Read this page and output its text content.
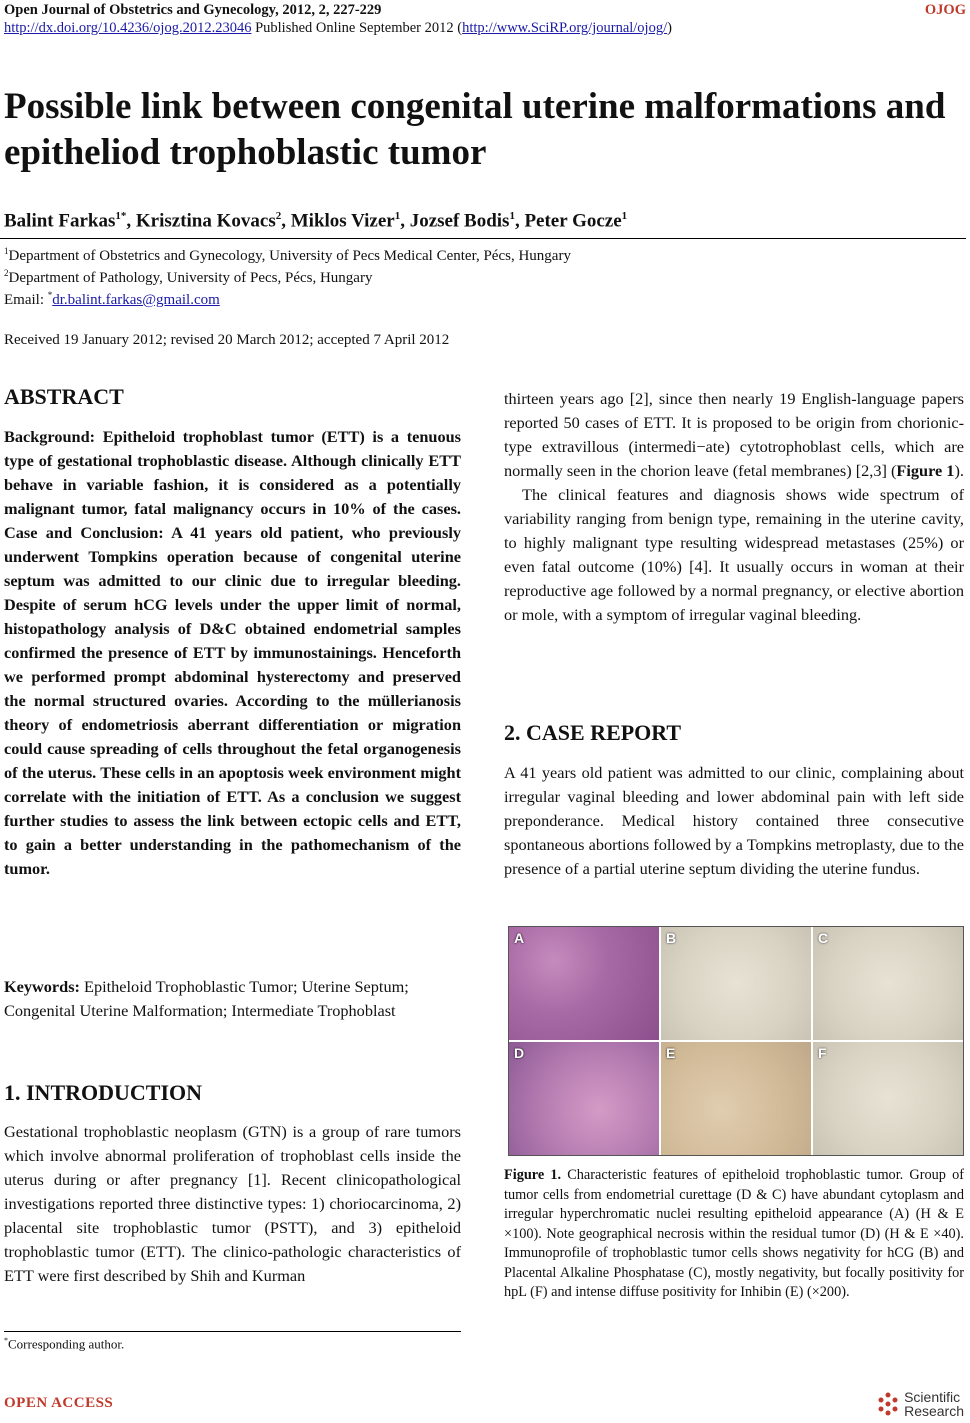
Open Journal of Obstetrics and Gynecology, 2012, 2, 227-229	OJOG
http://dx.doi.org/10.4236/ojog.2012.23046 Published Online September 2012 (http://www.SciRP.org/journal/ojog/)
Possible link between congenital uterine malformations and epitheliod trophoblastic tumor
Balint Farkas$^{1*}$, Krisztina Kovacs$^2$, Miklos Vizer$^1$, Jozsef Bodis$^1$, Peter Gocze$^1$
$^1$Department of Obstetrics and Gynecology, University of Pecs Medical Center, Pécs, Hungary
$^2$Department of Pathology, University of Pecs, Pécs, Hungary
Email: *dr.balint.farkas@gmail.com
Received 19 January 2012; revised 20 March 2012; accepted 7 April 2012
ABSTRACT
Background: Epitheloid trophoblast tumor (ETT) is a tenuous type of gestational trophoblastic disease. Although clinically ETT behave in variable fashion, it is considered as a potentially malignant tumor, fatal malignancy occurs in 10% of the cases. Case and Conclusion: A 41 years old patient, who previously underwent Tompkins operation because of congenital uterine septum was admitted to our clinic due to irregular bleeding. Despite of serum hCG levels under the upper limit of normal, histopathology analysis of D&C obtained endometrial samples confirmed the presence of ETT by immunostainings. Henceforth we performed prompt abdominal hysterectomy and preserved the normal structured ovaries. According to the müllerianosis theory of endometriosis aberrant differentiation or migration could cause spreading of cells throughout the fetal organogenesis of the uterus. These cells in an apoptosis week environment might correlate with the initiation of ETT. As a conclusion we suggest further studies to assess the link between ectopic cells and ETT, to gain a better understanding in the pathomechanism of the tumor.
Keywords: Epitheloid Trophoblastic Tumor; Uterine Septum; Congenital Uterine Malformation; Intermediate Trophoblast
1. INTRODUCTION
Gestational trophoblastic neoplasm (GTN) is a group of rare tumors which involve abnormal proliferation of trophoblast cells inside the uterus during or after pregnancy [1]. Recent clinicopathological investigations reported three distinctive types: 1) choriocarcinoma, 2) placental site trophoblastic tumor (PSTT), and 3) epitheloid trophoblastic tumor (ETT). The clinico-pathologic characteristics of ETT were first described by Shih and Kurman
*Corresponding author.

thirteen years ago [2], since then nearly 19 English-language papers reported 50 cases of ETT. It is proposed to be origin from chorionic-type extravillous (intermedi−ate) cytotrophoblast cells, which are normally seen in the chorion leave (fetal membranes) [2,3] (Figure 1).

The clinical features and diagnosis shows wide spectrum of variability ranging from benign type, remaining in the uterine cavity, to highly malignant type resulting widespread metastases (25%) or even fatal outcome (10%) [4]. It usually occurs in woman at their reproductive age followed by a normal pregnancy, or elective abortion or mole, with a symptom of irregular vaginal bleeding.

2. CASE REPORT
A 41 years old patient was admitted to our clinic, complaining about irregular vaginal bleeding and lower abdominal pain with left side preponderance. Medical history contained three consecutive spontaneous abortions followed by a Tompkins metroplasty, due to the presence of a partial uterine septum dividing the uterine fundus.
A	B	C
D	E	F
Figure 1. Characteristic features of epitheloid trophoblastic tumor. Group of tumor cells from endometrial curettage (D & C) have abundant cytoplasm and irregular hyperchromatic nuclei resulting epitheloid appearance (A) (H & E ×100). Note geographical necrosis within the residual tumor (D) (H & E ×40). Immunoprofile of trophoblastic tumor cells shows negativity for hCG (B) and Placental Alkaline Phosphatase (C), mostly negativity, but focally positivity for hpL (F) and intense diffuse positivity for Inhibin (E) (×200).
OPEN ACCESS	Scientific
Research
